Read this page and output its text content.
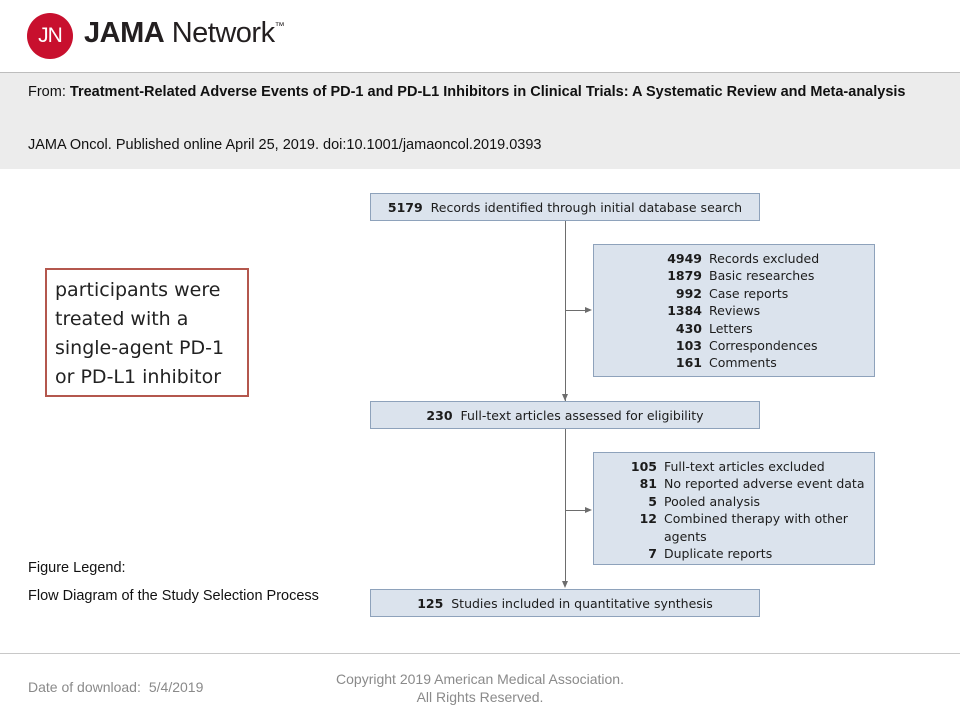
JN JAMA Network™
From: Treatment-Related Adverse Events of PD-1 and PD-L1 Inhibitors in Clinical Trials: A Systematic Review and Meta-analysis
JAMA Oncol. Published online April 25, 2019. doi:10.1001/jamaoncol.2019.0393
5179
Records identified through initial database search
4949	Records excluded
1879	Basic researches
992	Case reports
1384	Reviews
430	Letters
103	Correspondences
161	Comments
230
Full-text articles assessed for eligibility
105	Full-text articles excluded
81	No reported adverse event data
5	Pooled analysis
12	Combined therapy with other agents
7	Duplicate reports
125
Studies included in quantitative synthesis
participants were treated with a single-agent PD-1 or PD-L1 inhibitor
Figure Legend:
Flow Diagram of the Study Selection Process
Date of download: 5/4/2019	Copyright 2019 American Medical Association.
All Rights Reserved.
